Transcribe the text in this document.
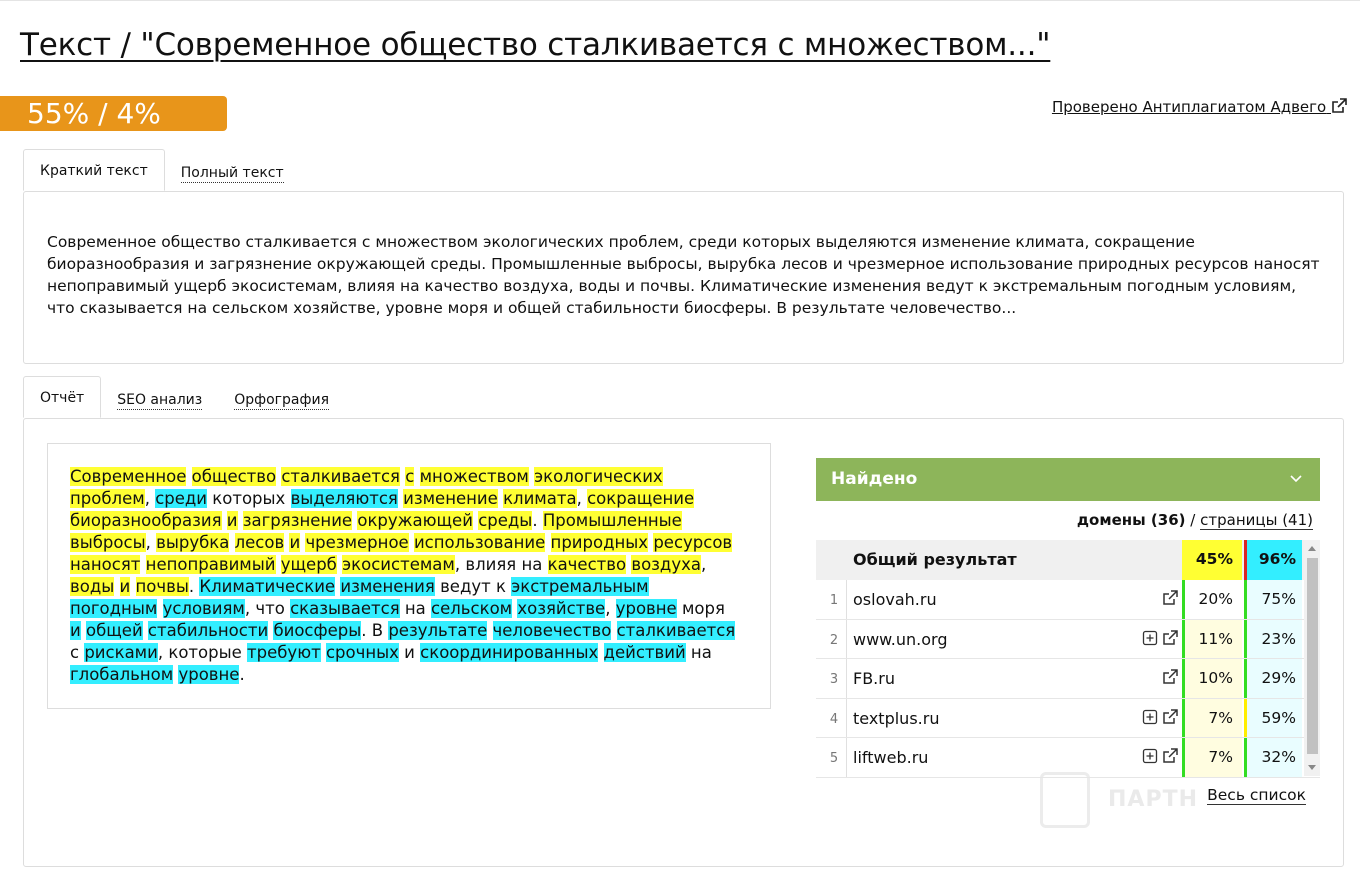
Текст / "Современное общество сталкивается с множеством..."
55% / 4%	Проверено Антиплагиатом Адвего
Краткий текст	Полный текст
Современное общество сталкивается с множеством экологических проблем, среди которых выделяются изменение климата, сокращение биоразнообразия и загрязнение окружающей среды. Промышленные выбросы, вырубка лесов и чрезмерное использование природных ресурсов наносят непоправимый ущерб экосистемам, влияя на качество воздуха, воды и почвы. Климатические изменения ведут к экстремальным погодным условиям, что сказывается на сельском хозяйстве, уровне моря и общей стабильности биосферы. В результате человечество...
Отчёт	SEO анализ	Орфография
ПАРТН
Современное общество сталкивается с множеством экологических проблем, среди которых выделяются изменение климата, сокращение биоразнообразия и загрязнение окружающей среды. Промышленные выбросы, вырубка лесов и чрезмерное использование природных ресурсов наносят непоправимый ущерб экосистемам, влияя на качество воздуха, воды и почвы. Климатические изменения ведут к экстремальным погодным условиям, что сказывается на сельском хозяйстве, уровне моря и общей стабильности биосферы. В результате человечество сталкивается с рисками, которые требуют срочных и скоординированных действий на глобальном уровне.
Найдено
домены (36) / страницы (41)
Общий результат	45%	96%
1 oslovah.ru	20%	75%
2 www.un.org	11%	23%
3 FB.ru	10%	29%
4 textplus.ru	7%	59%
5 liftweb.ru	7%	32%
Весь список
